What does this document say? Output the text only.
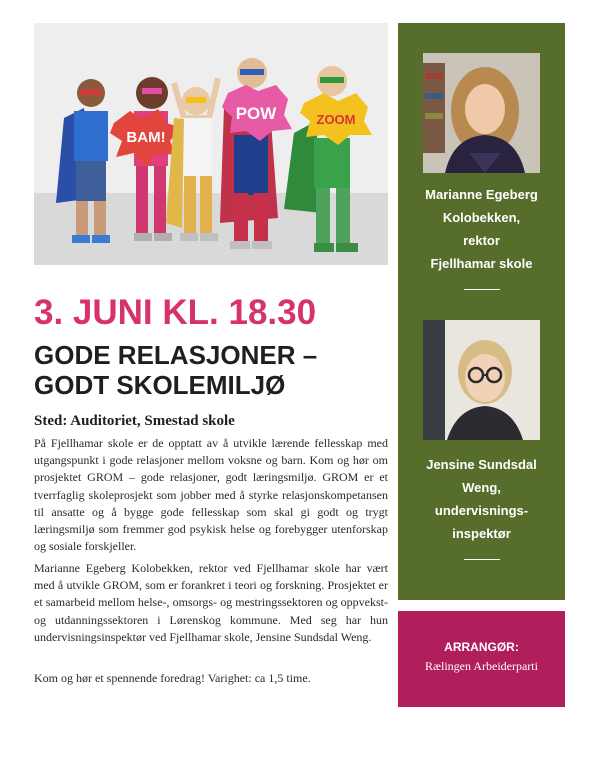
BAM!
POW	ZOOM
3. JUNI KL. 18.30
GODE RELASJONER – GODT SKOLEMILJØ
Sted: Auditoriet, Smestad skole

På Fjellhamar skole er de opptatt av å utvikle lærende fellesskap med utgangspunkt i gode relasjoner mellom voksne og barn. Kom og hør om prosjektet GROM – gode relasjoner, godt læringsmiljø. GROM er et tverrfaglig skoleprosjekt som jobber med å styrke relasjonskompetansen til ansatte og å bygge gode fellesskap som skal gi godt og trygt læringsmiljø som fremmer god psykisk helse og forebygger utenforskap og sosiale forskjeller.

Marianne Egeberg Kolobekken, rektor ved Fjellhamar skole har vært med å utvikle GROM, som er forankret i teori og forskning. Prosjektet er et samarbeid mellom helse-, omsorgs- og mestringssektoren og oppvekst- og utdanningssektoren i Lørenskog kommune. Med seg har hun undervisningsinspektør ved Fjellhamar skole, Jensine Sundsdal Weng.

Kom og hør et spennende foredrag! Varighet: ca 1,5 time.

Marianne Egeberg
Kolobekken,
rektor
Fjellhamar skole
Jensine Sundsdal
Weng,
undervisnings-
inspektør
ARRANGØR:
Rælingen Arbeiderparti
